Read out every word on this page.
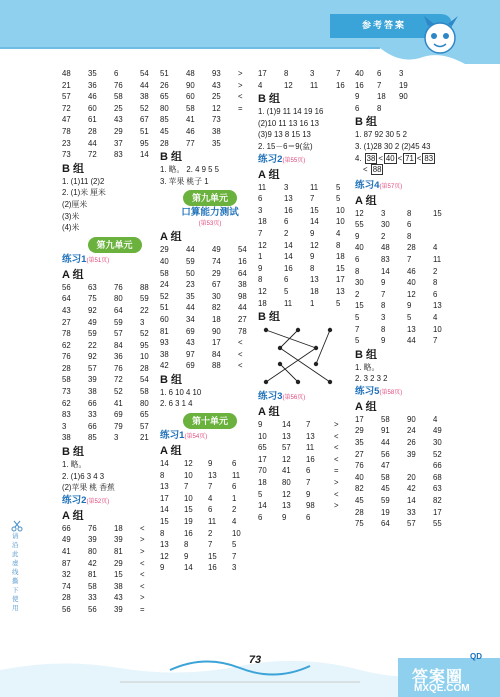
参考答案
48 35 6	54
21 36 76 44
57 46 58 38
72 60 25 52
47 61 43 67
78 28 29 51
23 44 37 95
73 72 83 14
B 组
1. (1)11 (2)2
2. (1)米 厘米
(2)厘米
(3)米
(4)米
第九单元
练习1(第51页)
A 组
56 63 76 88
64 75 80 59
43 92 64 22
27 49 59 3
78 59 57 52
62 22 84 95
76 92 36 10
28 57 76 28
58 39 72 54
73 38 52 58
62 66 41 80
83 33 69 65
3	66 79 57
38 85 3	21
B 组
1. 略。
2. (1)6 3 4 3
(2)苹果 桃 香蕉
练习2(第52页)
A 组
66 76 18 <
49 39 39 >
41 80 81 >
87 42 29 <
32 81 15 <
74 58 38 <
28 33 43 >
56 56 39 =
51 48 93 >
26 90 43 >
65 60 25 <
80 58 12 =
85 41 73
45 46 38
28 77 35
B 组
1. 略。 2. 4 9 5 5
3. 苹果 桃子 1
第九单元
口算能力测试
(第53页)
A 组
29 44 49 54
40 59 74 16
58 50 29 64
24 23 67 38
52 35 30 98
51 44 82 44
60 34 18 27
81 69 90 78
93 43 17 <
38 97 84 <
42 69 88 <
B 组
1. 6 10 4 10
2. 6 3 1 4
第十单元
练习1(第54页)
A 组
14 12 9	6
8	10 13 11
13 7	7	6
17 10 4	1
14 15 6	2
15 19 11 4
8	16 2	10
13 8	7	5
12 9	15 7
9	14 16 3
17 8	3	7
4	12 11 16
B 组
1. (1)9 11 14 19 16
(2)10 11 13 16 13
(3)9 13 8 15 13
2. 15－6＝9(盆)
练习2(第55页)
A 组
11 3	11 5
6	13 7	5
3	16 15 10
18 6	14 10
7	2	9	4
12 14 12 8
1	14 9	18
9	16 8	15
8	6	13 17
12 5	18 13
18 11 1	5
B 组
练习3(第56页)
A 组
9	14 7	>
10 13 13 <
65 57 11	<
17 12 16 <
70 41 6	=
18 80 7	>
5	12 9	<
14 13 98 >
6	9	6
40 6 3
16 7 19
9 18 90
6 8
B 组
1. 87 92 30 5 2
3. (1)28 30 2 (2)45 43
4. 38 < 40 < 71 < 83
< 88
练习4(第57页)
A 组
12 3	8	15
55 30 6
9	2	8
40 48 28 4
6	83 7	11
8	14 46 2
30 9	40 8
2	7	12 6
15 8	9	13
5	3	5	4
7	8	13 10
5	9	44 7
B 组
1. 略。
2. 3 2 3 2
练习5(第58页)
A 组
17 58 90 4
29 91 24 49
35 44 26 30
27 56 39 52
76 47	66
40 58 20 68
82 45 42 63
45 59 14 82
28 19 33 17
75 64 57 55
请沿此虚线撕下使用
73
答案圈
MXQE.COM
QD
